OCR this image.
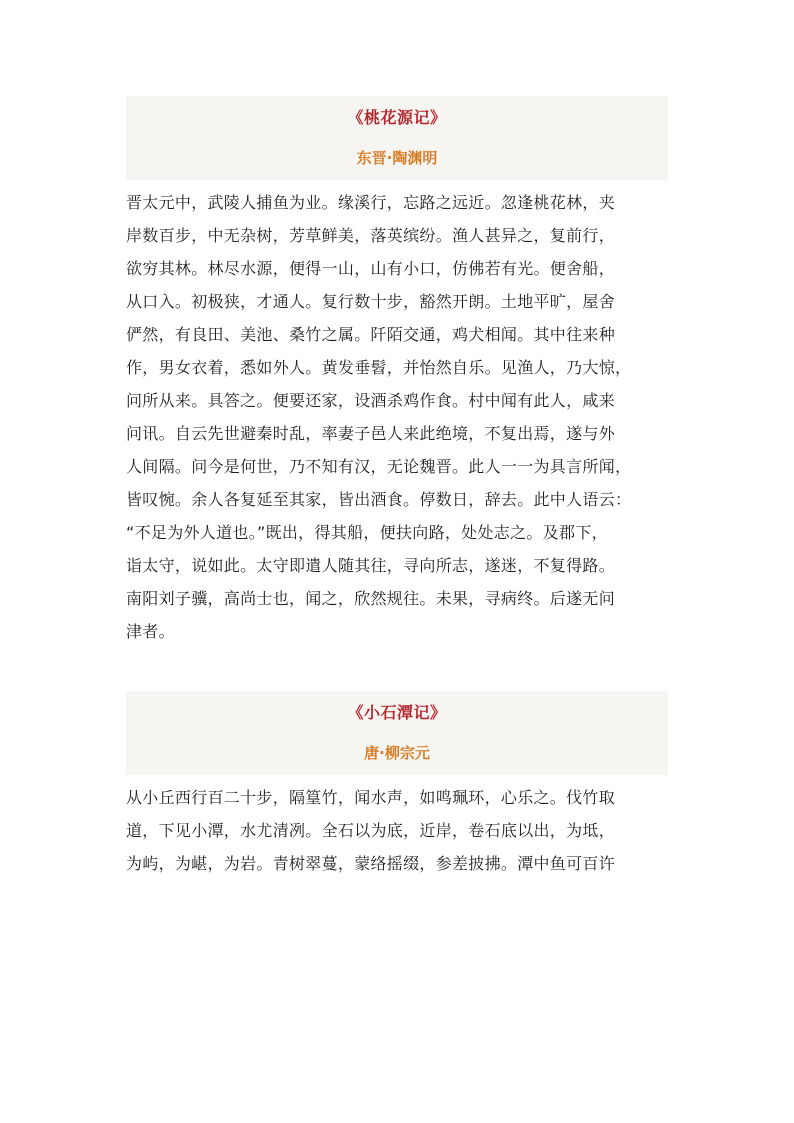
《桃花源记》
东晋·陶渊明
晋太元中，武陵人捕鱼为业。缘溪行，忘路之远近。忽逢桃花林，夹
岸数百步，中无杂树，芳草鲜美，落英缤纷。渔人甚异之，复前行，
欲穷其林。林尽水源，便得一山，山有小口，仿佛若有光。便舍船，
从口入。初极狭，才通人。复行数十步，豁然开朗。土地平旷，屋舍
俨然，有良田、美池、桑竹之属。阡陌交通，鸡犬相闻。其中往来种
作，男女衣着，悉如外人。黄发垂髫，并怡然自乐。见渔人，乃大惊，
问所从来。具答之。便要还家，设酒杀鸡作食。村中闻有此人，咸来
问讯。自云先世避秦时乱，率妻子邑人来此绝境，不复出焉，遂与外
人间隔。问今是何世，乃不知有汉，无论魏晋。此人一一为具言所闻，
皆叹惋。余人各复延至其家，皆出酒食。停数日，辞去。此中人语云：
“不足为外人道也。”既出，得其船，便扶向路，处处志之。及郡下，
诣太守，说如此。太守即遣人随其往，寻向所志，遂迷，不复得路。
南阳刘子骥，高尚士也，闻之，欣然规往。未果，寻病终。后遂无问
津者。
《小石潭记》
唐·柳宗元
从小丘西行百二十步，隔篁竹，闻水声，如鸣珮环，心乐之。伐竹取
道，下见小潭，水尤清冽。全石以为底，近岸，卷石底以出，为坻，
为屿，为嵁，为岩。青树翠蔓，蒙络摇缀，参差披拂。潭中鱼可百许
